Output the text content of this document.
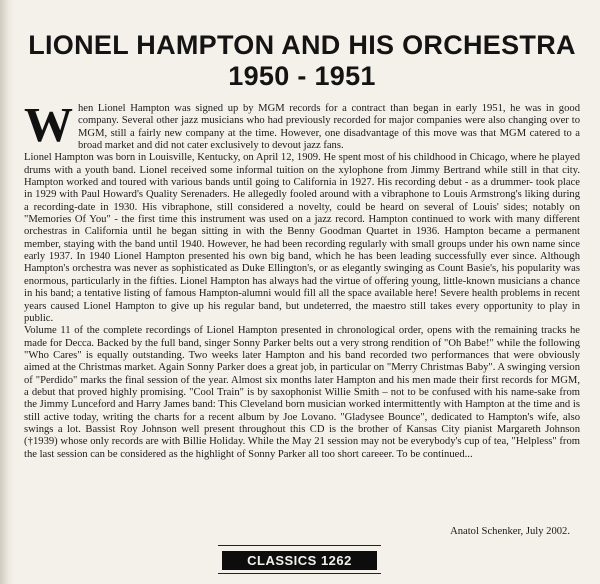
LIONEL HAMPTON AND HIS ORCHESTRA
1950 - 1951

When Lionel Hampton was signed up by MGM records for a contract than began in early 1951, he was in good company. Several other jazz musicians who had previously recorded for major companies were also changing over to MGM, still a fairly new company at the time. However, one disadvantage of this move was that MGM catered to a broad market and did not cater exclusively to devout jazz fans.

Lionel Hampton was born in Louisville, Kentucky, on April 12, 1909. He spent most of his childhood in Chicago, where he played drums with a youth band. Lionel received some informal tuition on the xylophone from Jimmy Bertrand while still in that city. Hampton worked and toured with various bands until going to California in 1927. His recording debut - as a drummer- took place in 1929 with Paul Howard's Quality Serenaders. He allegedly fooled around with a vibraphone to Louis Armstrong's liking during a recording-date in 1930. His vibraphone, still considered a novelty, could be heard on several of Louis' sides; notably on "Memories Of You" - the first time this instrument was used on a jazz record. Hampton continued to work with many different orchestras in California until he began sitting in with the Benny Goodman Quartet in 1936. Hampton became a permanent member, staying with the band until 1940. However, he had been recording regularly with small groups under his own name since early 1937. In 1940 Lionel Hampton presented his own big band, which he has been leading successfully ever since. Although Hampton's orchestra was never as sophisticated as Duke Ellington's, or as elegantly swinging as Count Basie's, his popularity was enormous, particularly in the fifties. Lionel Hampton has always had the virtue of offering young, little-known musicians a chance in his band; a tentative listing of famous Hampton-alumni would fill all the space available here! Severe health problems in recent years caused Lionel Hampton to give up his regular band, but undeterred, the maestro still takes every opportunity to play in public.

Volume 11 of the complete recordings of Lionel Hampton presented in chronological order, opens with the remaining tracks he made for Decca. Backed by the full band, singer Sonny Parker belts out a very strong rendition of "Oh Babe!" while the following "Who Cares" is equally outstanding. Two weeks later Hampton and his band recorded two performances that were obviously aimed at the Christmas market. Again Sonny Parker does a great job, in particular on "Merry Christmas Baby". A swinging version of "Perdido" marks the final session of the year. Almost six months later Hampton and his men made their first records for MGM, a debut that proved highly promising. "Cool Train" is by saxophonist Willie Smith – not to be confused with his name-sake from the Jimmy Lunceford and Harry James band: This Cleveland born musician worked intermittently with Hampton at the time and is still active today, writing the charts for a recent album by Joe Lovano. "Gladysee Bounce", dedicated to Hampton's wife, also swings a lot. Bassist Roy Johnson well present throughout this CD is the brother of Kansas City pianist Margareth Johnson (†1939) whose only records are with Billie Holiday. While the May 21 session may not be everybody's cup of tea, "Helpless" from the last session can be considered as the highlight of Sonny Parker all too short careeer. To be continued...

Anatol Schenker, July 2002.
CLASSICS 1262
